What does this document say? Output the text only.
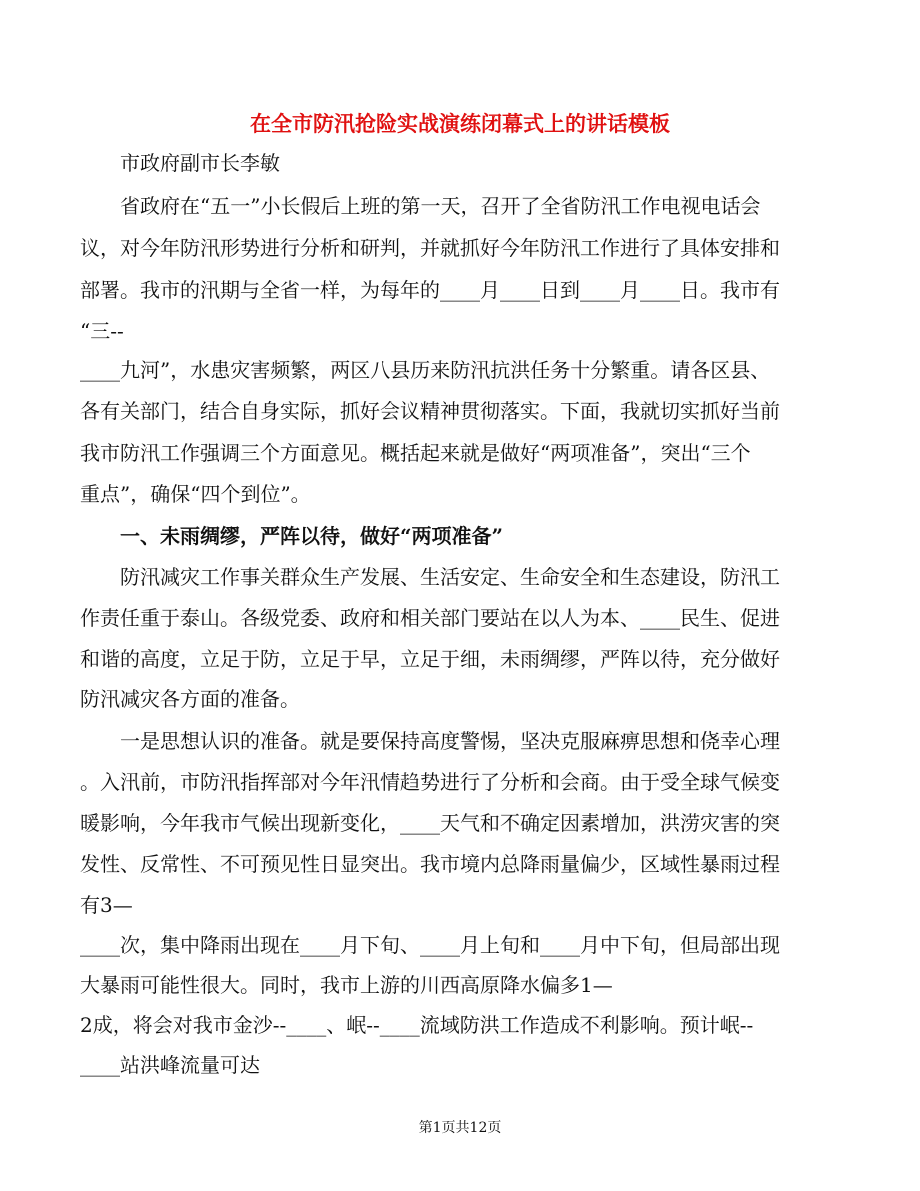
在全市防汛抢险实战演练闭幕式上的讲话模板
市政府副市长李敏
省政府在“五一”小长假后上班的第一天，召开了全省防汛工作电视电话会
议，对今年防汛形势进行分析和研判，并就抓好今年防汛工作进行了具体安排和
部署。我市的汛期与全省一样，为每年的____月____日到____月____日。我市有
“三--
____九河”，水患灾害频繁，两区八县历来防汛抗洪任务十分繁重。请各区县、
各有关部门，结合自身实际，抓好会议精神贯彻落实。下面，我就切实抓好当前
我市防汛工作强调三个方面意见。概括起来就是做好“两项准备”，突出“三个
重点”，确保“四个到位”。
一、未雨绸缪，严阵以待，做好“两项准备”
防汛减灾工作事关群众生产发展、生活安定、生命安全和生态建设，防汛工
作责任重于泰山。各级党委、政府和相关部门要站在以人为本、____民生、促进
和谐的高度，立足于防，立足于早，立足于细，未雨绸缪，严阵以待，充分做好
防汛减灾各方面的准备。
一是思想认识的准备。就是要保持高度警惕，坚决克服麻痹思想和侥幸心理
。入汛前，市防汛指挥部对今年汛情趋势进行了分析和会商。由于受全球气候变
暖影响，今年我市气候出现新变化，____天气和不确定因素增加，洪涝灾害的突
发性、反常性、不可预见性日显突出。我市境内总降雨量偏少，区域性暴雨过程
有3—
____次，集中降雨出现在____月下旬、____月上旬和____月中下旬，但局部出现
大暴雨可能性很大。同时，我市上游的川西高原降水偏多1—
2成，将会对我市金沙--____、岷--____流域防洪工作造成不利影响。预计岷--
____站洪峰流量可达
第1页共12页
